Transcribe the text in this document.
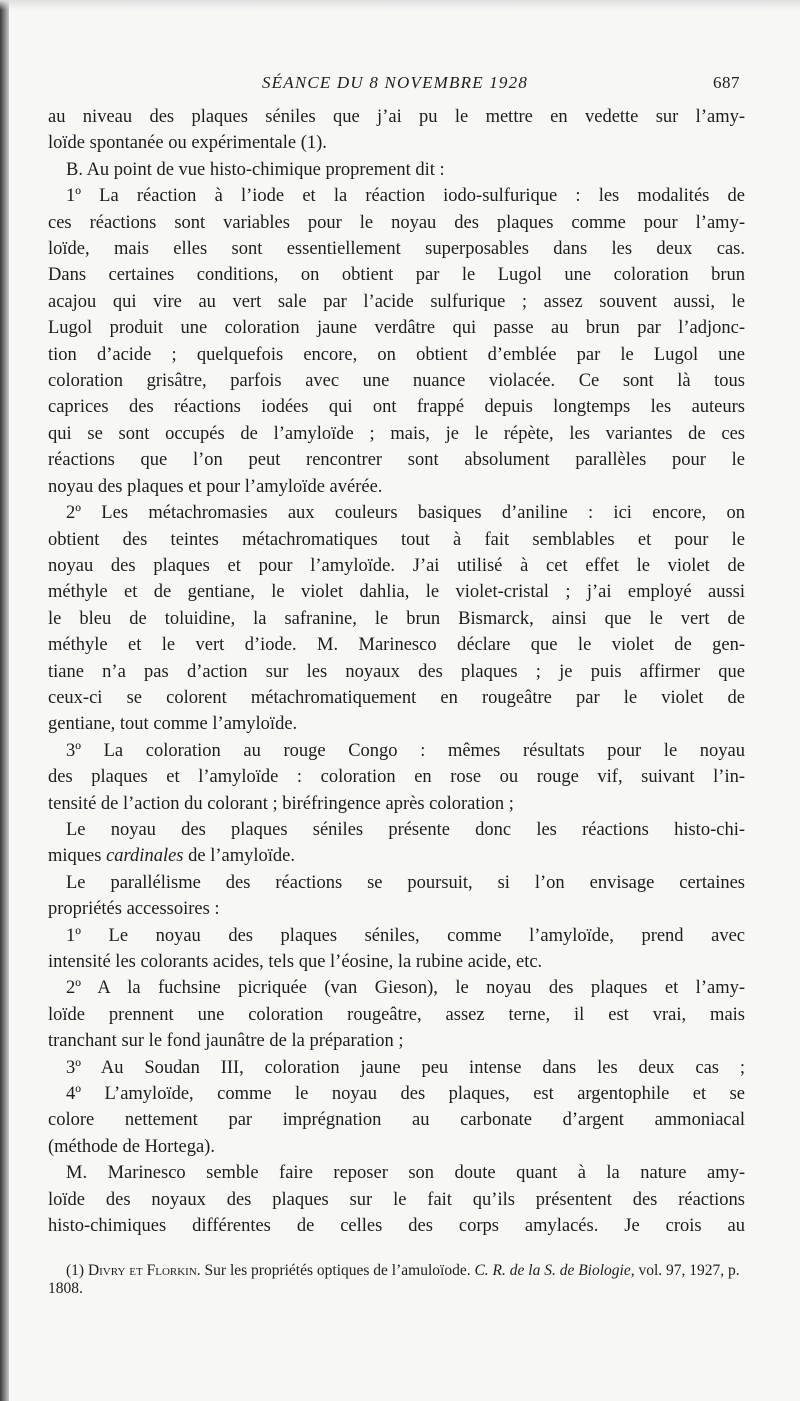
SÉANCE DU 8 NOVEMBRE 1928	687
au niveau des plaques séniles que j’ai pu le mettre en vedette sur l’amy-
loïde spontanée ou expérimentale (1).
B. Au point de vue histo-chimique proprement dit :
1º La réaction à l’iode et la réaction iodo-sulfurique : les modalités de
ces réactions sont variables pour le noyau des plaques comme pour l’amy-
loïde, mais elles sont essentiellement superposables dans les deux cas.
Dans certaines conditions, on obtient par le Lugol une coloration brun
acajou qui vire au vert sale par l’acide sulfurique ; assez souvent aussi, le
Lugol produit une coloration jaune verdâtre qui passe au brun par l’adjonc-
tion d’acide ; quelquefois encore, on obtient d’emblée par le Lugol une
coloration grisâtre, parfois avec une nuance violacée. Ce sont là tous
caprices des réactions iodées qui ont frappé depuis longtemps les auteurs
qui se sont occupés de l’amyloïde ; mais, je le répète, les variantes de ces
réactions que l’on peut rencontrer sont absolument parallèles pour le
noyau des plaques et pour l’amyloïde avérée.
2º Les métachromasies aux couleurs basiques d’aniline : ici encore, on
obtient des teintes métachromatiques tout à fait semblables et pour le
noyau des plaques et pour l’amyloïde. J’ai utilisé à cet effet le violet de
méthyle et de gentiane, le violet dahlia, le violet-cristal ; j’ai employé aussi
le bleu de toluidine, la safranine, le brun Bismarck, ainsi que le vert de
méthyle et le vert d’iode. M. Marinesco déclare que le violet de gen-
tiane n’a pas d’action sur les noyaux des plaques ; je puis affirmer que
ceux-ci se colorent métachromatiquement en rougeâtre par le violet de
gentiane, tout comme l’amyloïde.
3º La coloration au rouge Congo : mêmes résultats pour le noyau
des plaques et l’amyloïde : coloration en rose ou rouge vif, suivant l’in-
tensité de l’action du colorant ; biréfringence après coloration ;
Le noyau des plaques séniles présente donc les réactions histo-chi-
miques cardinales de l’amyloïde.
Le parallélisme des réactions se poursuit, si l’on envisage certaines
propriétés accessoires :
1º Le noyau des plaques séniles, comme l’amyloïde, prend avec
intensité les colorants acides, tels que l’éosine, la rubine acide, etc.
2º A la fuchsine picriquée (van Gieson), le noyau des plaques et l’amy-
loïde prennent une coloration rougeâtre, assez terne, il est vrai, mais
tranchant sur le fond jaunâtre de la préparation ;
3º Au Soudan III, coloration jaune peu intense dans les deux cas ;
4º L’amyloïde, comme le noyau des plaques, est argentophile et se
colore nettement par imprégnation au carbonate d’argent ammoniacal
(méthode de Hortega).
M. Marinesco semble faire reposer son doute quant à la nature amy-
loïde des noyaux des plaques sur le fait qu’ils présentent des réactions
histo-chimiques différentes de celles des corps amylacés. Je crois au
(1) Divry et Florkin. Sur les propriétés optiques de l’amuloïode. C. R. de la S. de Biologie, vol. 97, 1927, p. 1808.
